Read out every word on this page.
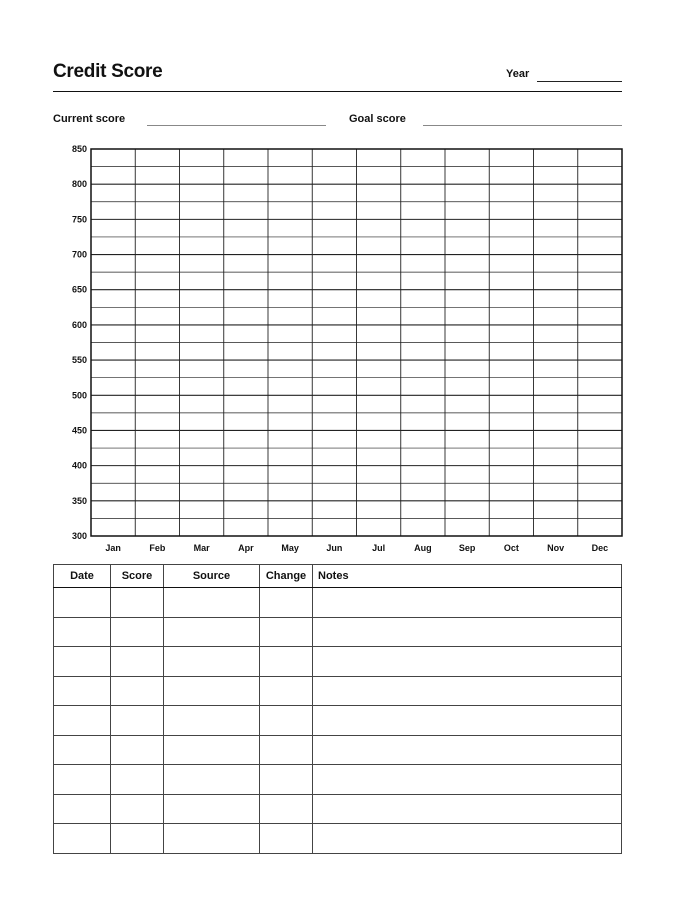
Credit Score	Year
Current score	Goal score
850
800
750
700
650
600
550
500
450
400
350
300
Jan	Feb	Mar	Apr	May	Jun	Jul	Aug	Sep	Oct	Nov	Dec
Date	Score	Source	Change	Notes
